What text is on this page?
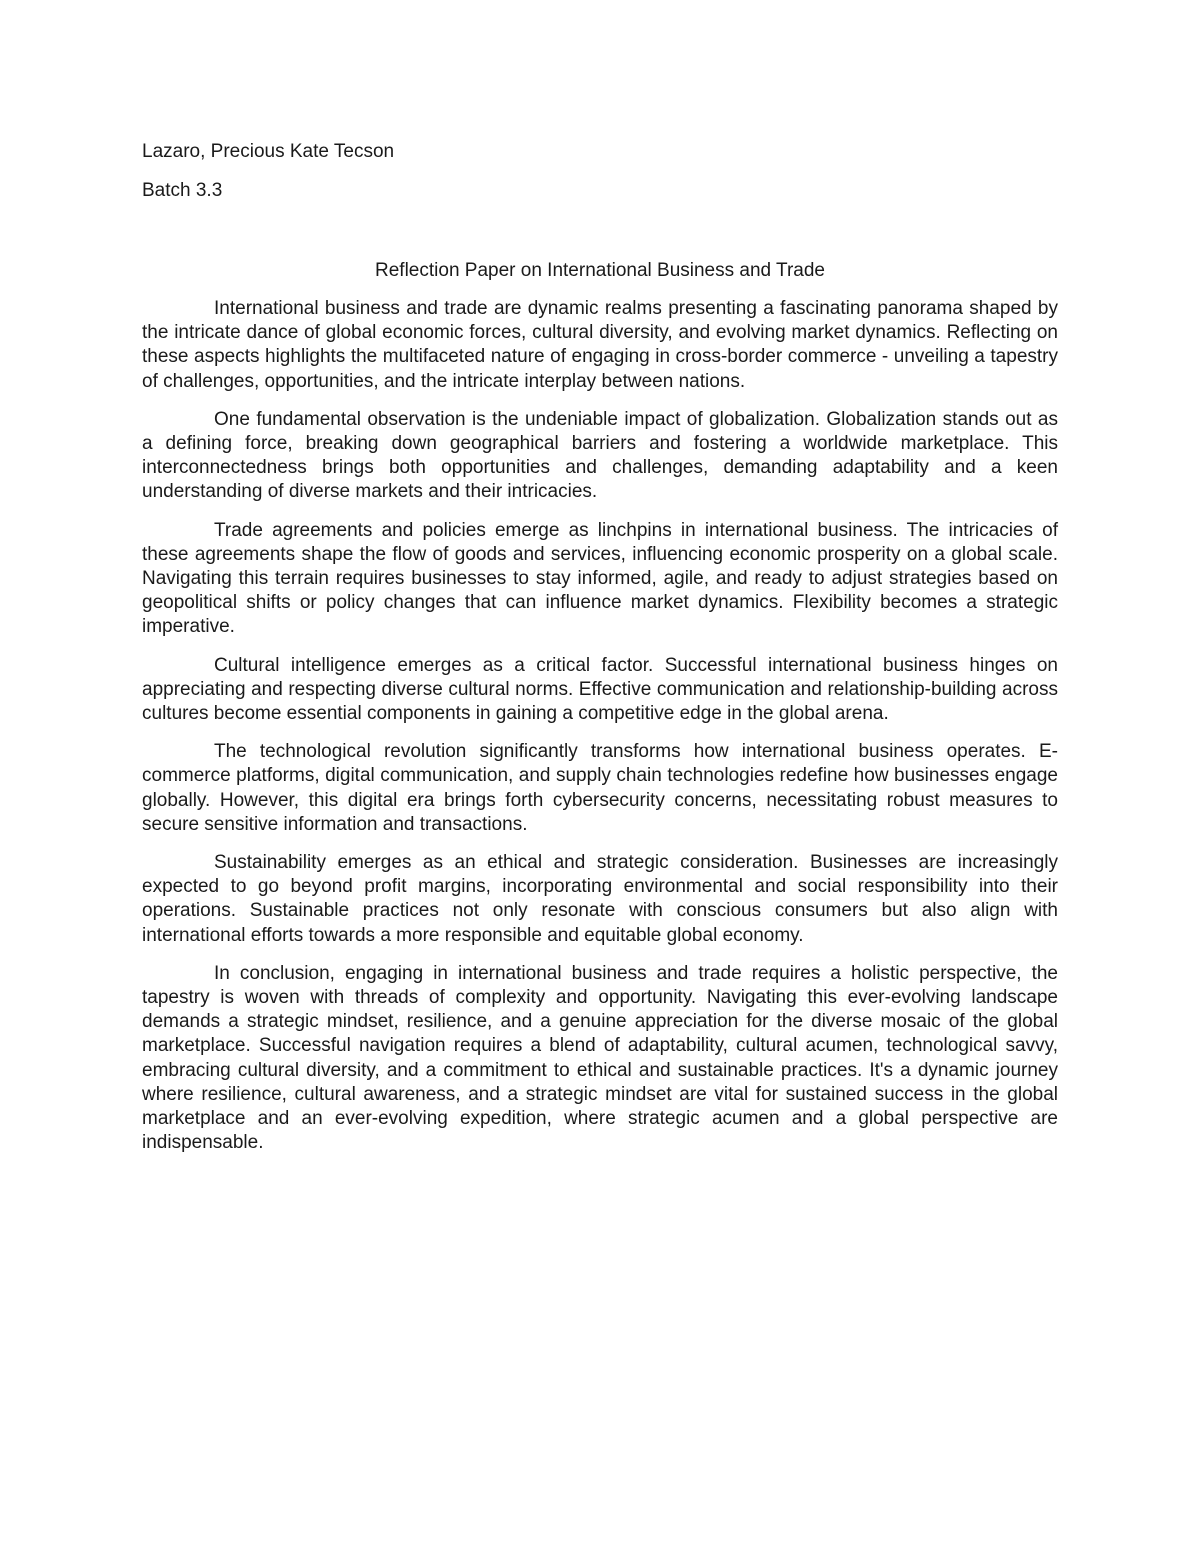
Lazaro, Precious Kate Tecson

Batch 3.3

Reflection Paper on International Business and Trade

International business and trade are dynamic realms presenting a fascinating panorama shaped by the intricate dance of global economic forces, cultural diversity, and evolving market dynamics. Reflecting on these aspects highlights the multifaceted nature of engaging in cross-border commerce - unveiling a tapestry of challenges, opportunities, and the intricate interplay between nations.

One fundamental observation is the undeniable impact of globalization. Globalization stands out as a defining force, breaking down geographical barriers and fostering a worldwide marketplace. This interconnectedness brings both opportunities and challenges, demanding adaptability and a keen understanding of diverse markets and their intricacies.

Trade agreements and policies emerge as linchpins in international business. The intricacies of these agreements shape the flow of goods and services, influencing economic prosperity on a global scale. Navigating this terrain requires businesses to stay informed, agile, and ready to adjust strategies based on geopolitical shifts or policy changes that can influence market dynamics. Flexibility becomes a strategic imperative.

Cultural intelligence emerges as a critical factor. Successful international business hinges on appreciating and respecting diverse cultural norms. Effective communication and relationship-building across cultures become essential components in gaining a competitive edge in the global arena.

The technological revolution significantly transforms how international business operates. E-commerce platforms, digital communication, and supply chain technologies redefine how businesses engage globally. However, this digital era brings forth cybersecurity concerns, necessitating robust measures to secure sensitive information and transactions.

Sustainability emerges as an ethical and strategic consideration. Businesses are increasingly expected to go beyond profit margins, incorporating environmental and social responsibility into their operations. Sustainable practices not only resonate with conscious consumers but also align with international efforts towards a more responsible and equitable global economy.

In conclusion, engaging in international business and trade requires a holistic perspective, the tapestry is woven with threads of complexity and opportunity. Navigating this ever-evolving landscape demands a strategic mindset, resilience, and a genuine appreciation for the diverse mosaic of the global marketplace. Successful navigation requires a blend of adaptability, cultural acumen, technological savvy, embracing cultural diversity, and a commitment to ethical and sustainable practices. It's a dynamic journey where resilience, cultural awareness, and a strategic mindset are vital for sustained success in the global marketplace and an ever-evolving expedition, where strategic acumen and a global perspective are indispensable.
